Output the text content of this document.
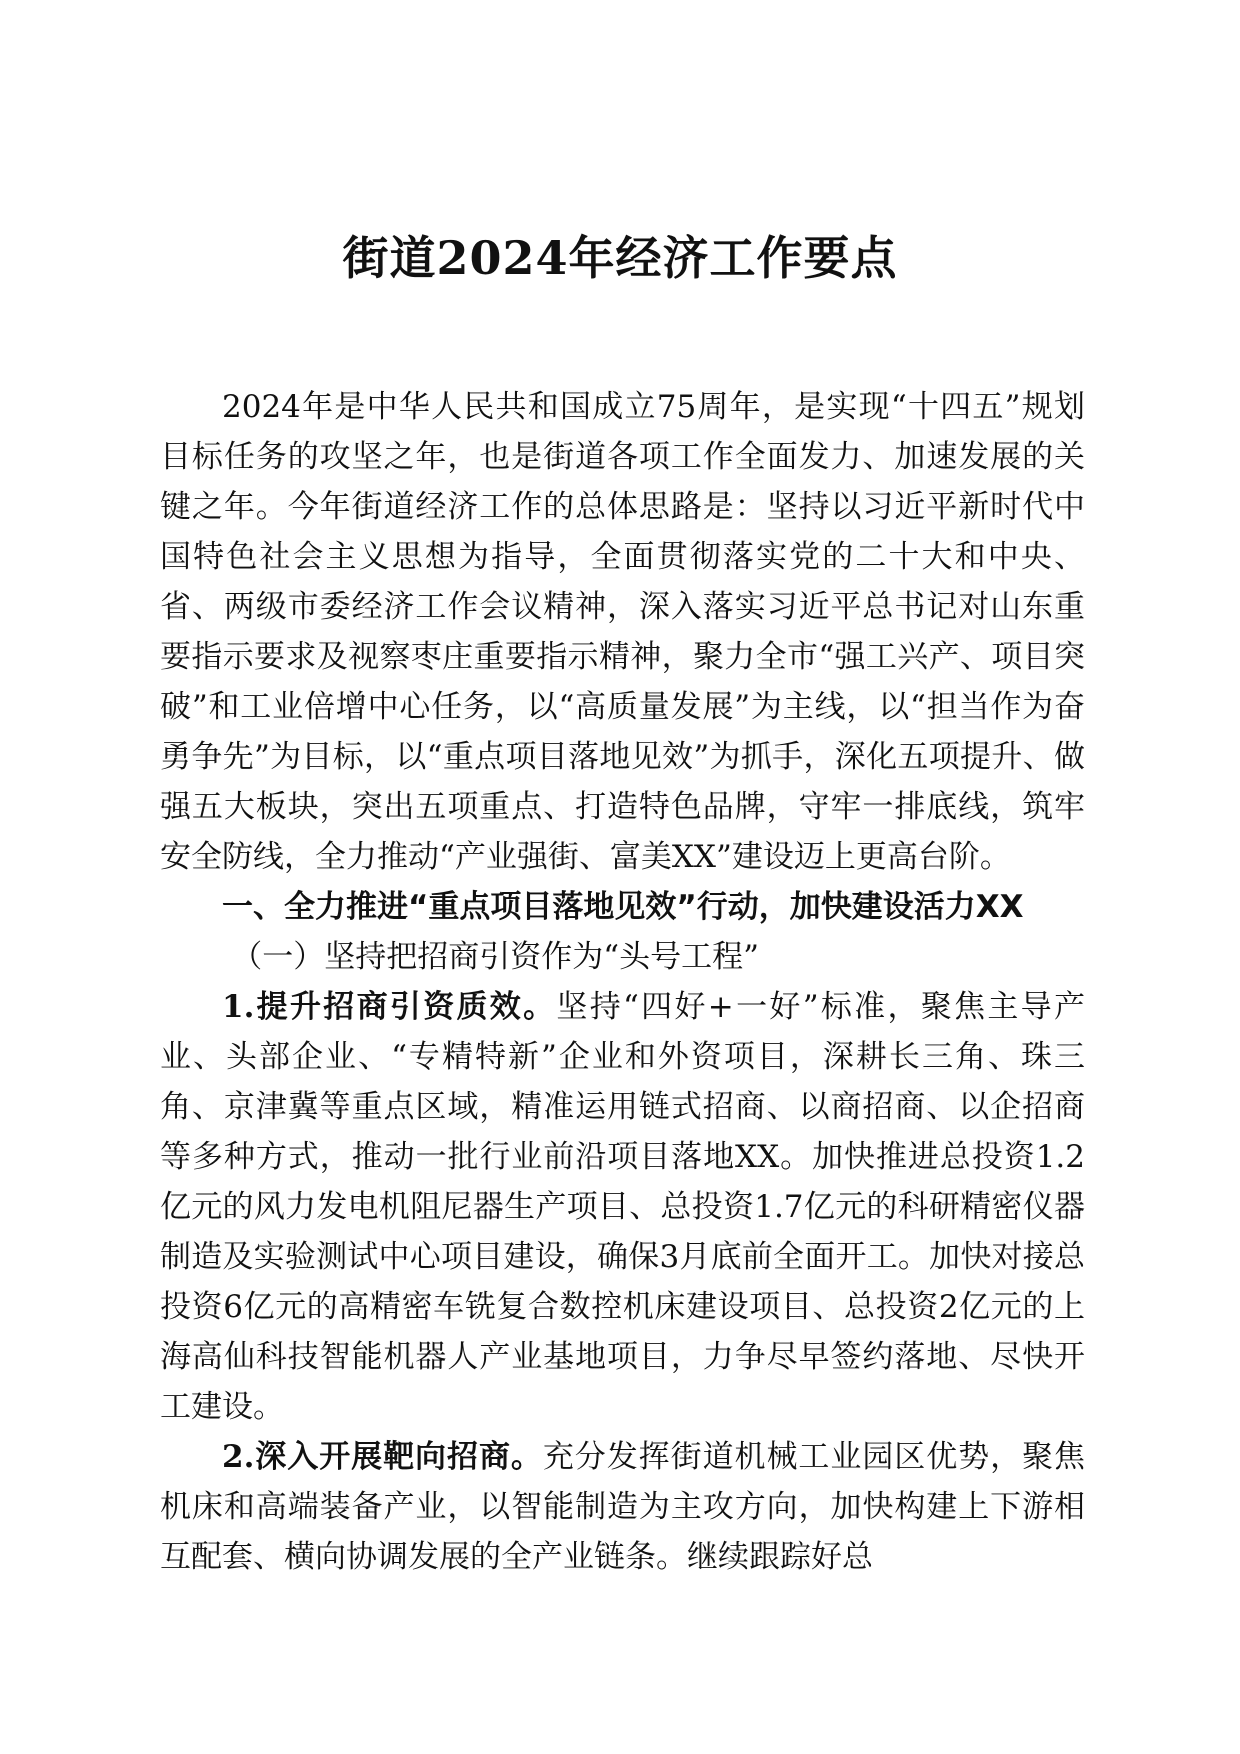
街道2024年经济工作要点

2024年是中华人民共和国成立75周年，是实现“十四五”规划目标任务的攻坚之年，也是街道各项工作全面发力、加速发展的关键之年。今年街道经济工作的总体思路是：坚持以习近平新时代中国特色社会主义思想为指导，全面贯彻落实党的二十大和中央、省、两级市委经济工作会议精神，深入落实习近平总书记对山东重要指示要求及视察枣庄重要指示精神，聚力全市“强工兴产、项目突破”和工业倍增中心任务，以“高质量发展”为主线，以“担当作为奋勇争先”为目标，以“重点项目落地见效”为抓手，深化五项提升、做强五大板块，突出五项重点、打造特色品牌，守牢一排底线，筑牢安全防线，全力推动“产业强街、富美XX”建设迈上更高台阶。

一、全力推进“重点项目落地见效”行动，加快建设活力XX

（一）坚持把招商引资作为“头号工程”

1.提升招商引资质效。坚持“四好+一好”标准，聚焦主导产业、头部企业、“专精特新”企业和外资项目，深耕长三角、珠三角、京津冀等重点区域，精准运用链式招商、以商招商、以企招商等多种方式，推动一批行业前沿项目落地XX。加快推进总投资1.2亿元的风力发电机阻尼器生产项目、总投资1.7亿元的科研精密仪器制造及实验测试中心项目建设，确保3月底前全面开工。加快对接总投资6亿元的高精密车铣复合数控机床建设项目、总投资2亿元的上海高仙科技智能机器人产业基地项目，力争尽早签约落地、尽快开工建设。

2.深入开展靶向招商。充分发挥街道机械工业园区优势，聚焦机床和高端装备产业，以智能制造为主攻方向，加快构建上下游相互配套、横向协调发展的全产业链条。继续跟踪好总
